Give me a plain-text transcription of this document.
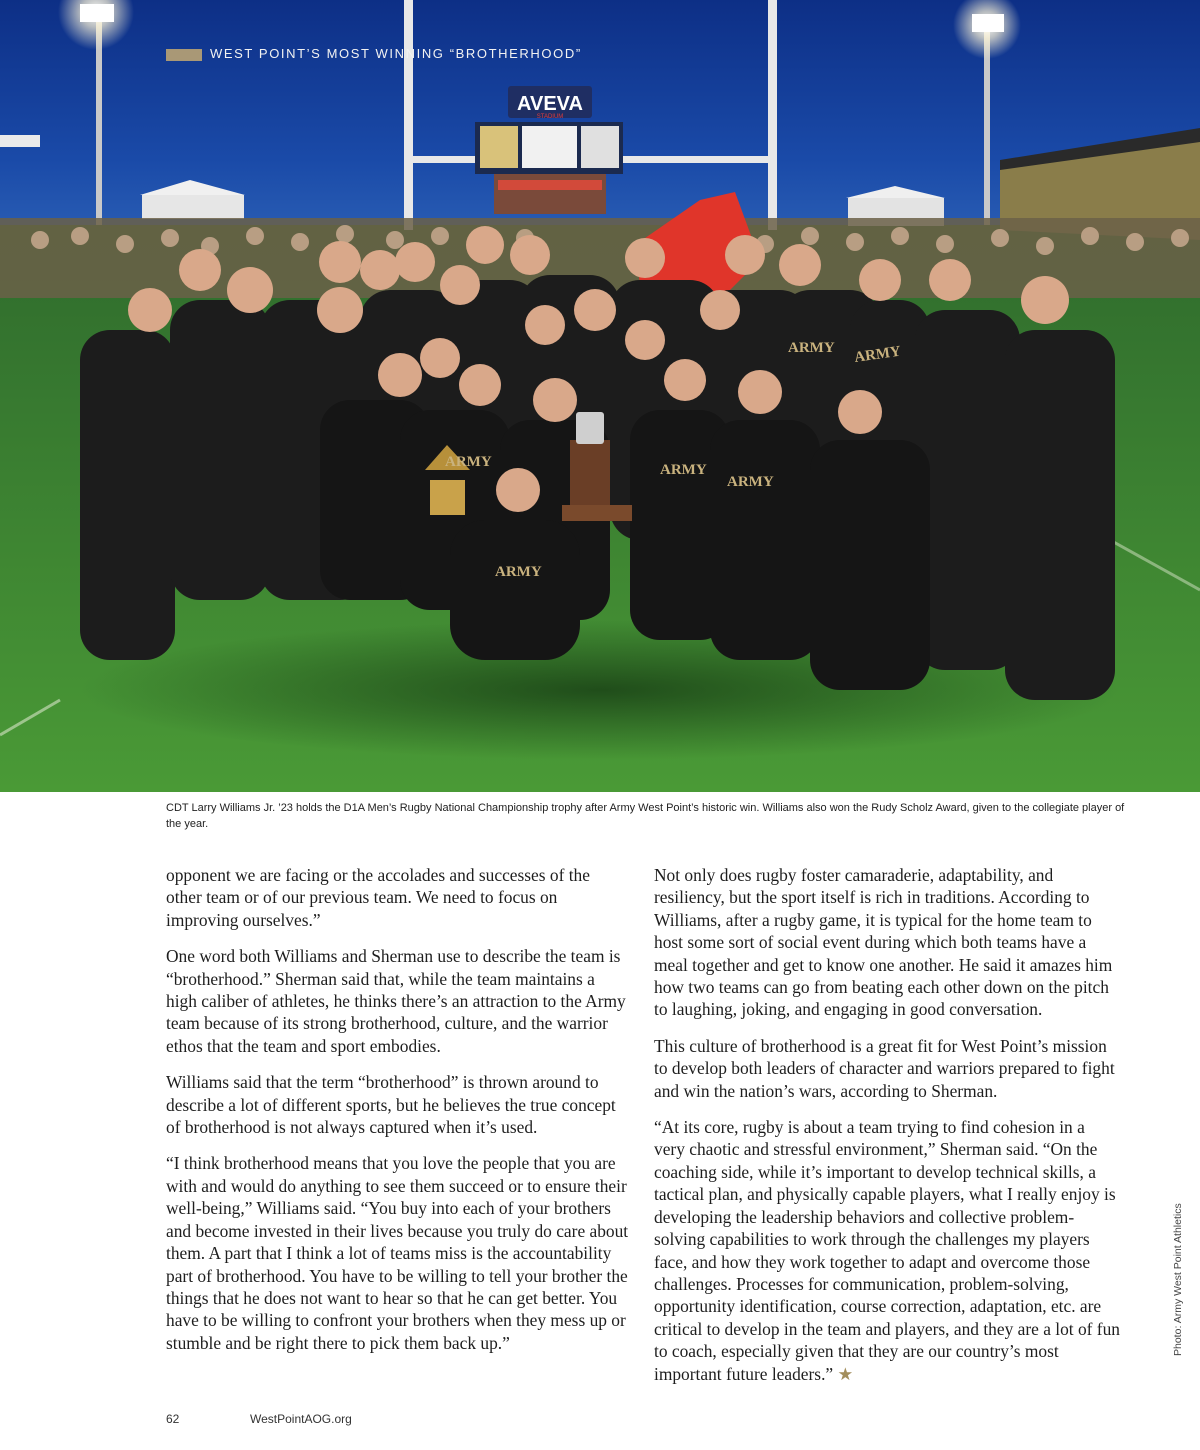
AVEVA
STADIUM
ARMY
ARMY
ARMY
ARMY
ARMY
ARMY
WEST POINT’S MOST WINNING “BROTHERHOOD”
CDT Larry Williams Jr. ’23 holds the D1A Men’s Rugby National Championship trophy after Army West Point’s historic win. Williams also won the Rudy Scholz Award, given to the collegiate player of the year.

opponent we are facing or the accolades and successes of the other team or of our previous team. We need to focus on improving ourselves.”

One word both Williams and Sherman use to describe the team is “brotherhood.” Sherman said that, while the team maintains a high caliber of athletes, he thinks there’s an attraction to the Army team because of its strong brotherhood, culture, and the warrior ethos that the team and sport embodies.

Williams said that the term “brotherhood” is thrown around to describe a lot of different sports, but he believes the true concept of brotherhood is not always captured when it’s used.

“I think brotherhood means that you love the people that you are with and would do anything to see them succeed or to ensure their well-being,” Williams said. “You buy into each of your brothers and become invested in their lives because you truly do care about them. A part that I think a lot of teams miss is the accountability part of brotherhood. You have to be willing to tell your brother the things that he does not want to hear so that he can get better. You have to be willing to confront your brothers when they mess up or stumble and be right there to pick them back up.”

Not only does rugby foster camaraderie, adaptability, and resiliency, but the sport itself is rich in traditions. According to Williams, after a rugby game, it is typical for the home team to host some sort of social event during which both teams have a meal together and get to know one another. He said it amazes him how two teams can go from beating each other down on the pitch to laughing, joking, and engaging in good conversation.

This culture of brotherhood is a great fit for West Point’s mission to develop both leaders of character and warriors prepared to fight and win the nation’s wars, according to Sherman.

“At its core, rugby is about a team trying to find cohesion in a very chaotic and stressful environment,” Sherman said. “On the coaching side, while it’s important to develop technical skills, a tactical plan, and physically capable players, what I really enjoy is developing the leadership behaviors and collective problem-solving capabilities to work through the challenges my players face, and how they work together to adapt and overcome those challenges. Processes for communication, problem-solving, opportunity identification, course correction, adaptation, etc. are critical to develop in the team and players, and they are a lot of fun to coach, especially given that they are our country’s most important future leaders.” ★

62	WestPointAOG.org
Photo: Army West Point Athletics
